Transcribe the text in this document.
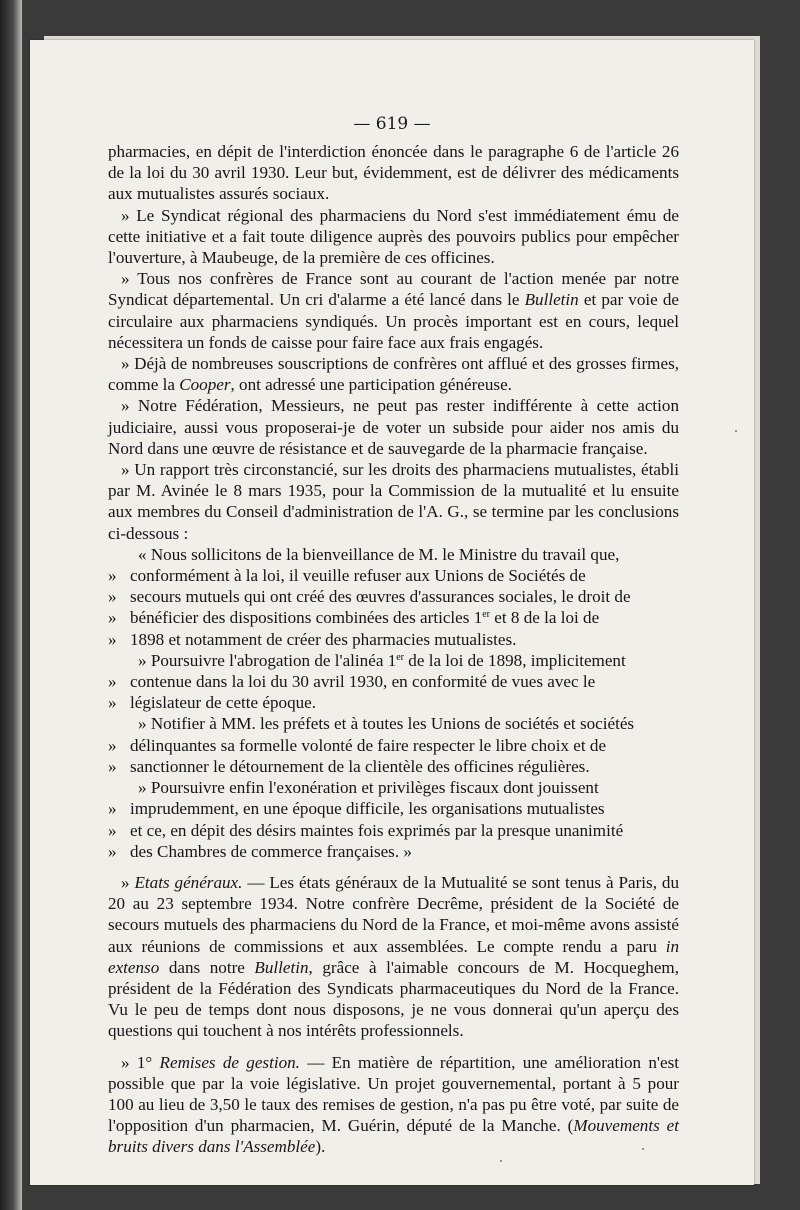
— 619 —

pharmacies, en dépit de l'interdiction énoncée dans le paragraphe 6 de l'article 26 de la loi du 30 avril 1930. Leur but, évidemment, est de délivrer des médicaments aux mutualistes assurés sociaux.

» Le Syndicat régional des pharmaciens du Nord s'est immédiatement ému de cette initiative et a fait toute diligence auprès des pouvoirs publics pour empêcher l'ouverture, à Maubeuge, de la première de ces officines.

» Tous nos confrères de France sont au courant de l'action menée par notre Syndicat départemental. Un cri d'alarme a été lancé dans le Bulletin et par voie de circulaire aux pharmaciens syndiqués. Un procès important est en cours, lequel nécessitera un fonds de caisse pour faire face aux frais engagés.

» Déjà de nombreuses souscriptions de confrères ont afflué et des grosses firmes, comme la Cooper, ont adressé une participation généreuse.

» Notre Fédération, Messieurs, ne peut pas rester indifférente à cette action judiciaire, aussi vous proposerai-je de voter un subside pour aider nos amis du Nord dans une œuvre de résistance et de sauvegarde de la pharmacie française.

» Un rapport très circonstancié, sur les droits des pharmaciens mutualistes, établi par M. Avinée le 8 mars 1935, pour la Commission de la mutualité et lu ensuite aux membres du Conseil d'administration de l'A. G., se termine par les conclusions ci-dessous :

« Nous sollicitons de la bienveillance de M. le Ministre du travail que,
» conformément à la loi, il veuille refuser aux Unions de Sociétés de
» secours mutuels qui ont créé des œuvres d'assurances sociales, le droit de
» bénéficier des dispositions combinées des articles 1er et 8 de la loi de
» 1898 et notamment de créer des pharmacies mutualistes.
» Poursuivre l'abrogation de l'alinéa 1er de la loi de 1898, implicitement
» contenue dans la loi du 30 avril 1930, en conformité de vues avec le
» législateur de cette époque.
» Notifier à MM. les préfets et à toutes les Unions de sociétés et sociétés
» délinquantes sa formelle volonté de faire respecter le libre choix et de
» sanctionner le détournement de la clientèle des officines régulières.
» Poursuivre enfin l'exonération et privilèges fiscaux dont jouissent
» imprudemment, en une époque difficile, les organisations mutualistes
» et ce, en dépit des désirs maintes fois exprimés par la presque unanimité
» des Chambres de commerce françaises. »

» Etats généraux. — Les états généraux de la Mutualité se sont tenus à Paris, du 20 au 23 septembre 1934. Notre confrère Decrême, président de la Société de secours mutuels des pharmaciens du Nord de la France, et moi-même avons assisté aux réunions de commissions et aux assemblées. Le compte rendu a paru in extenso dans notre Bulletin, grâce à l'aimable concours de M. Hocqueghem, président de la Fédération des Syndicats pharmaceutiques du Nord de la France. Vu le peu de temps dont nous disposons, je ne vous donnerai qu'un aperçu des questions qui touchent à nos intérêts professionnels.

» 1° Remises de gestion. — En matière de répartition, une amélioration n'est possible que par la voie législative. Un projet gouvernemental, portant à 5 pour 100 au lieu de 3,50 le taux des remises de gestion, n'a pas pu être voté, par suite de l'opposition d'un pharmacien, M. Guérin, député de la Manche. (Mouvements et bruits divers dans l'Assemblée).
